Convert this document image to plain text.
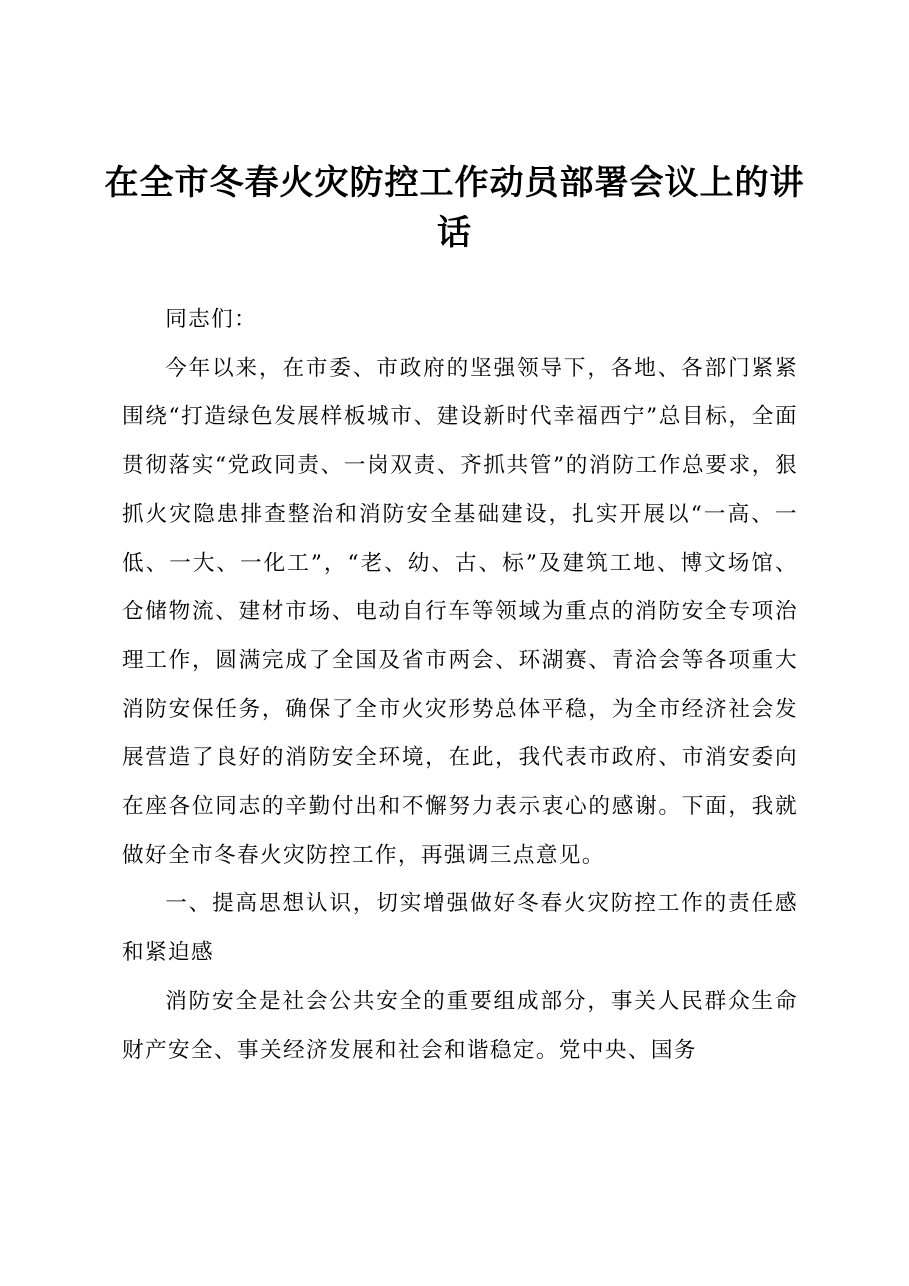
在全市冬春火灾防控工作动员部署会议上的讲话

同志们：

今年以来，在市委、市政府的坚强领导下，各地、各部门紧紧围绕“打造绿色发展样板城市、建设新时代幸福西宁”总目标，全面贯彻落实“党政同责、一岗双责、齐抓共管”的消防工作总要求，狠抓火灾隐患排查整治和消防安全基础建设，扎实开展以“一高、一低、一大、一化工”，“老、幼、古、标”及建筑工地、博文场馆、仓储物流、建材市场、电动自行车等领域为重点的消防安全专项治理工作，圆满完成了全国及省市两会、环湖赛、青洽会等各项重大消防安保任务，确保了全市火灾形势总体平稳，为全市经济社会发展营造了良好的消防安全环境，在此，我代表市政府、市消安委向在座各位同志的辛勤付出和不懈努力表示衷心的感谢。下面，我就做好全市冬春火灾防控工作，再强调三点意见。

一、提高思想认识，切实增强做好冬春火灾防控工作的责任感和紧迫感

消防安全是社会公共安全的重要组成部分，事关人民群众生命财产安全、事关经济发展和社会和谐稳定。党中央、国务
